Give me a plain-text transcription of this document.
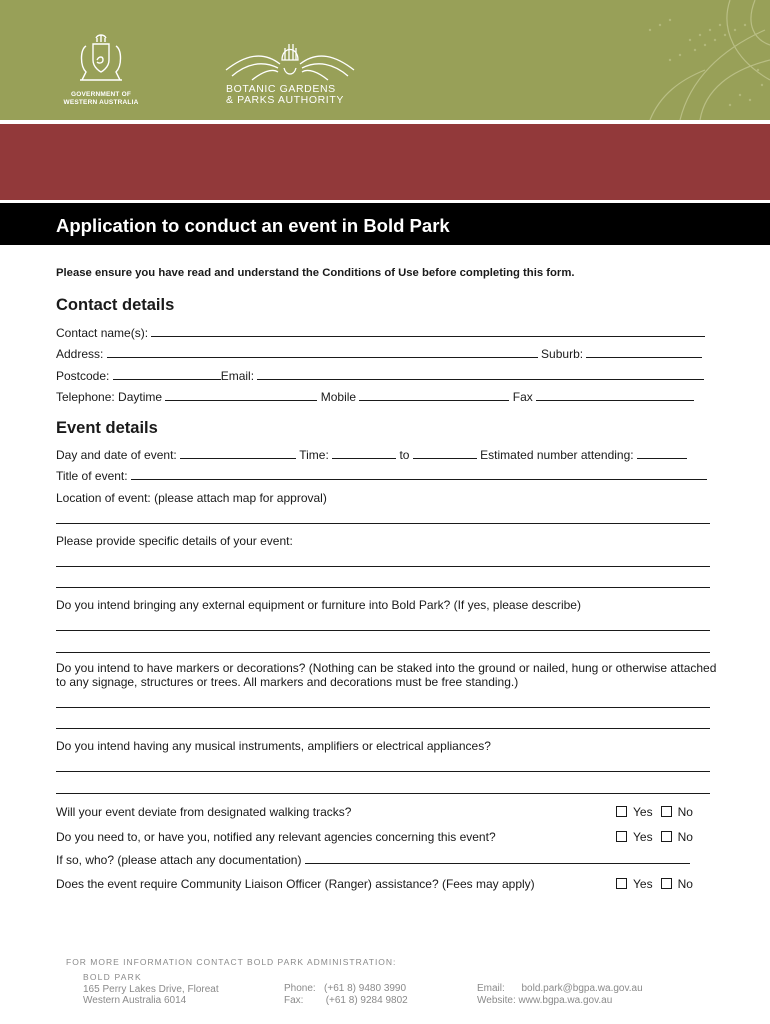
GOVERNMENT OF
WESTERN AUSTRALIA
BOTANIC GARDENS
& PARKS AUTHORITY
Application to conduct an event in Bold Park
Please ensure you have read and understand the Conditions of Use before completing this form.
Contact details
Contact name(s):
Address:	Suburb:
Postcode:	Email:
Telephone: Daytime	Mobile	Fax
Event details
Day and date of event:	Time:	to	Estimated number attending:
Title of event:
Location of event: (please attach map for approval)
Please provide specific details of your event:
Do you intend bringing any external equipment or furniture into Bold Park? (If yes, please describe)
Do you intend to have markers or decorations? (Nothing can be staked into the ground or nailed, hung or otherwise attached to any signage, structures or trees. All markers and decorations must be free standing.)
Do you intend having any musical instruments, amplifiers or electrical appliances?
Will your event deviate from designated walking tracks?	Yes No
Do you need to, or have you, notified any relevant agencies concerning this event?	Yes No
If so, who? (please attach any documentation)
Does the event require Community Liaison Officer (Ranger) assistance? (Fees may apply)	Yes No
FOR MORE INFORMATION CONTACT BOLD PARK ADMINISTRATION:
BOLD PARK
165 Perry Lakes Drive, Floreat
Western Australia 6014
Phone: (+61 8) 9480 3990
Fax: (+61 8) 9284 9802
Email: bold.park@bgpa.wa.gov.au
Website: www.bgpa.wa.gov.au
